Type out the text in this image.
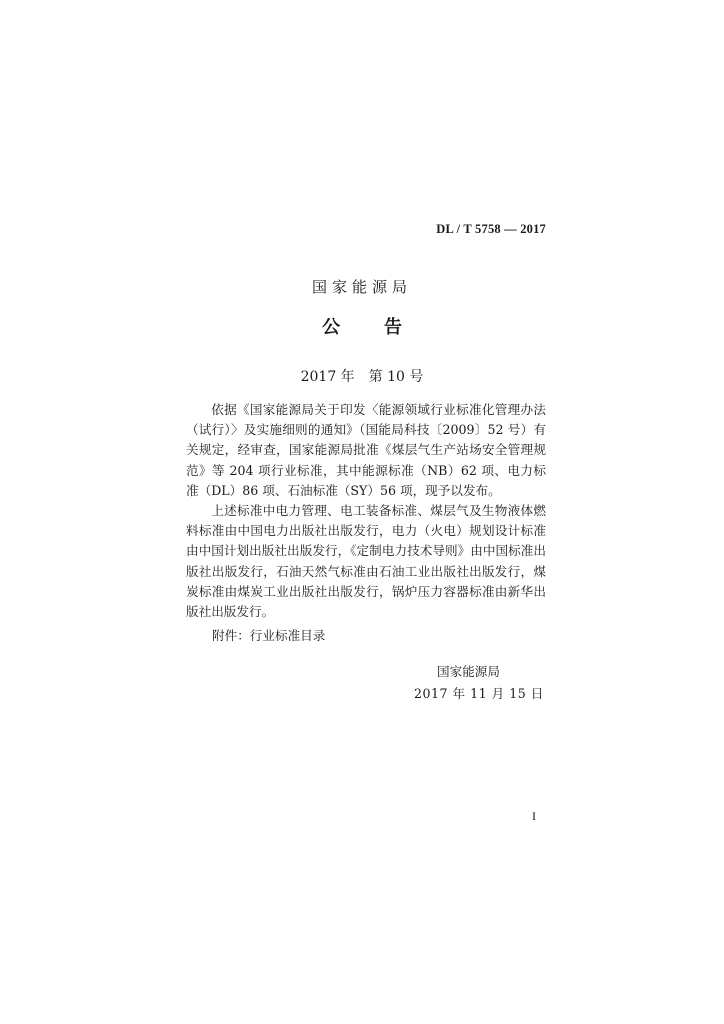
DL / T 5758 — 2017
国家能源局
公 告
2017 年　第 10 号

依据《国家能源局关于印发〈能源领域行业标准化管理办法（试行）〉及实施细则的通知》（国能局科技〔2009〕52 号）有关规定，经审查，国家能源局批准《煤层气生产站场安全管理规范》等 204 项行业标准，其中能源标准（NB）62 项、电力标准（DL）86 项、石油标准（SY）56 项，现予以发布。

上述标准中电力管理、电工装备标准、煤层气及生物液体燃料标准由中国电力出版社出版发行，电力（火电）规划设计标准由中国计划出版社出版发行，《定制电力技术导则》由中国标准出版社出版发行，石油天然气标准由石油工业出版社出版发行，煤炭标准由煤炭工业出版社出版发行，锅炉压力容器标准由新华出版社出版发行。

附件：行业标准目录
国家能源局
2017 年 11 月 15 日
I
